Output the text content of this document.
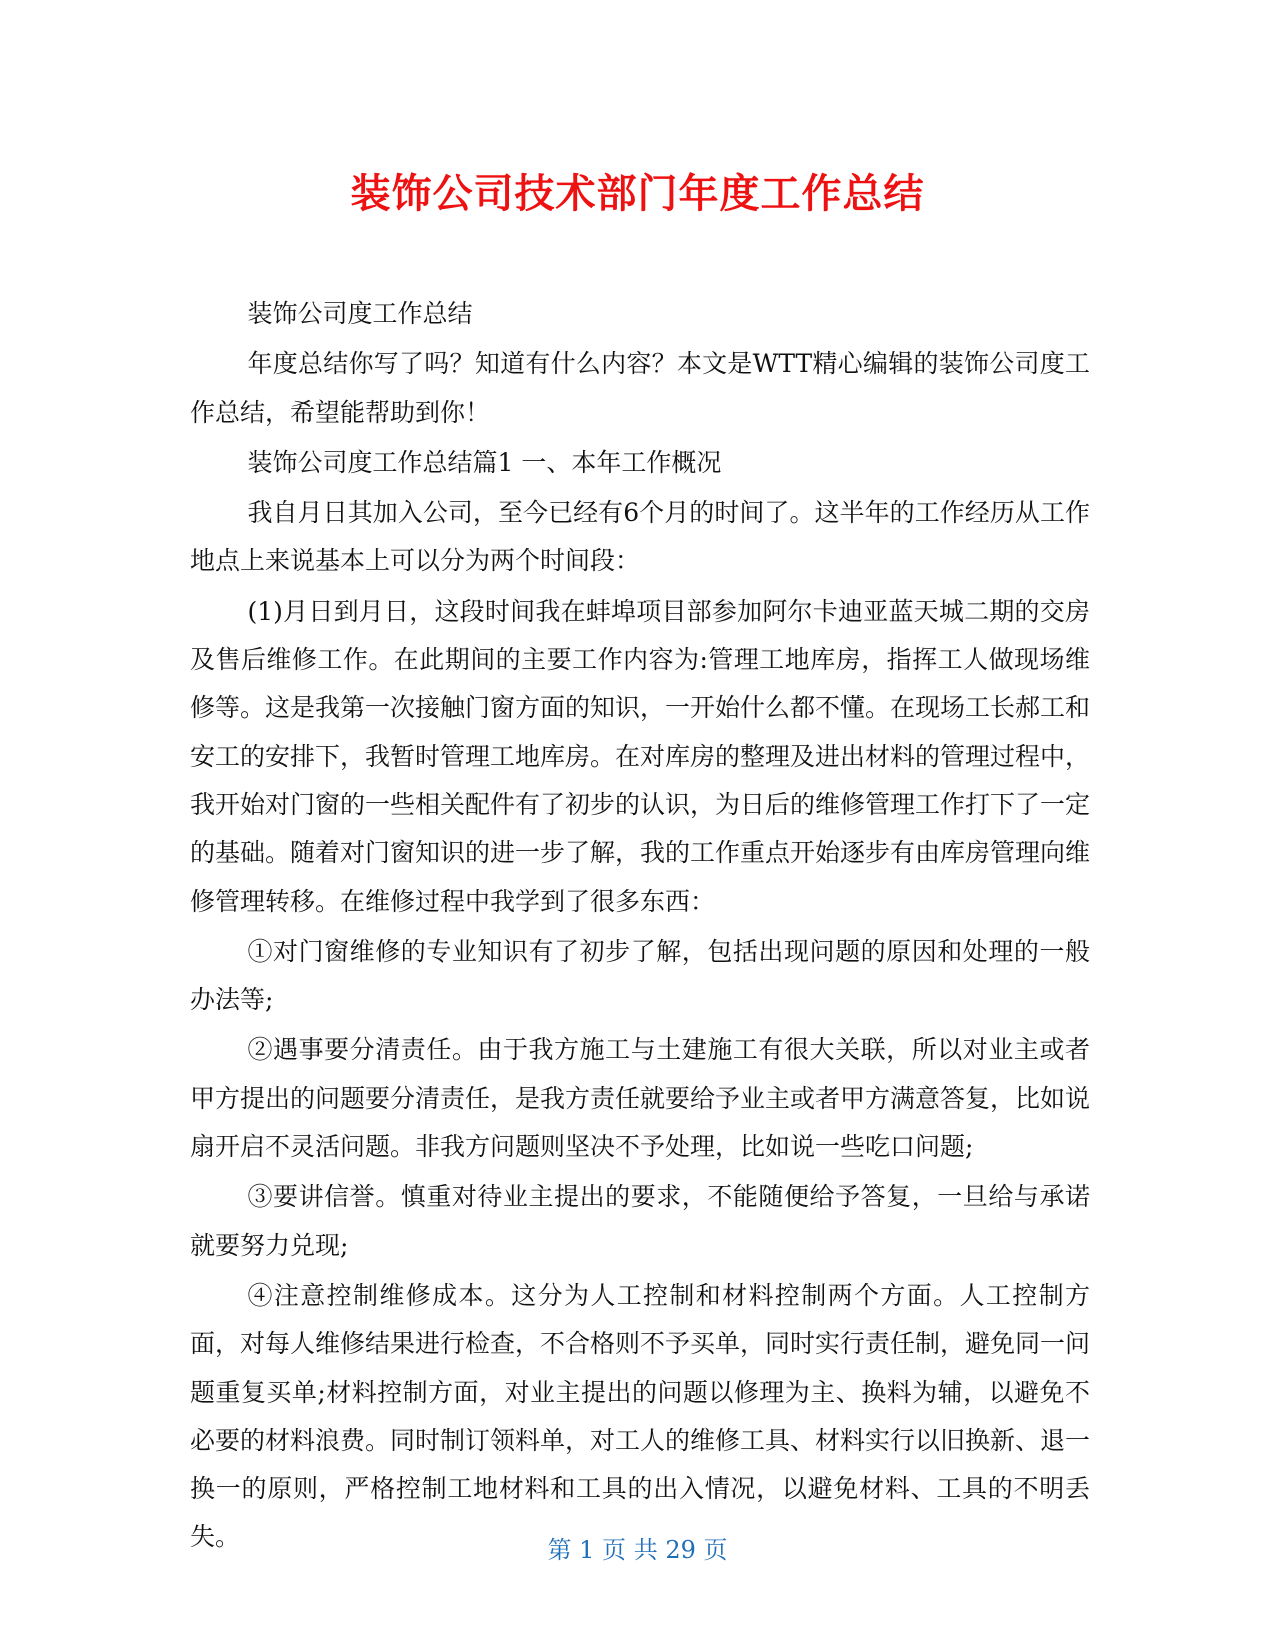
装饰公司技术部门年度工作总结

装饰公司度工作总结

年度总结你写了吗？知道有什么内容？本文是WTT精心编辑的装饰公司度工作总结，希望能帮助到你！

装饰公司度工作总结篇1 一、本年工作概况

我自月日其加入公司，至今已经有6个月的时间了。这半年的工作经历从工作地点上来说基本上可以分为两个时间段：

(1)月日到月日，这段时间我在蚌埠项目部参加阿尔卡迪亚蓝天城二期的交房及售后维修工作。在此期间的主要工作内容为:管理工地库房，指挥工人做现场维修等。这是我第一次接触门窗方面的知识，一开始什么都不懂。在现场工长郝工和安工的安排下，我暂时管理工地库房。在对库房的整理及进出材料的管理过程中，我开始对门窗的一些相关配件有了初步的认识，为日后的维修管理工作打下了一定的基础。随着对门窗知识的进一步了解，我的工作重点开始逐步有由库房管理向维修管理转移。在维修过程中我学到了很多东西：

①对门窗维修的专业知识有了初步了解，包括出现问题的原因和处理的一般办法等;

②遇事要分清责任。由于我方施工与土建施工有很大关联，所以对业主或者甲方提出的问题要分清责任，是我方责任就要给予业主或者甲方满意答复，比如说扇开启不灵活问题。非我方问题则坚决不予处理，比如说一些吃口问题;

③要讲信誉。慎重对待业主提出的要求，不能随便给予答复，一旦给与承诺就要努力兑现;

④注意控制维修成本。这分为人工控制和材料控制两个方面。人工控制方面，对每人维修结果进行检查，不合格则不予买单，同时实行责任制，避免同一问题重复买单;材料控制方面，对业主提出的问题以修理为主、换料为辅，以避免不必要的材料浪费。同时制订领料单，对工人的维修工具、材料实行以旧换新、退一换一的原则，严格控制工地材料和工具的出入情况，以避免材料、工具的不明丢失。	第 1 页 共 29 页
